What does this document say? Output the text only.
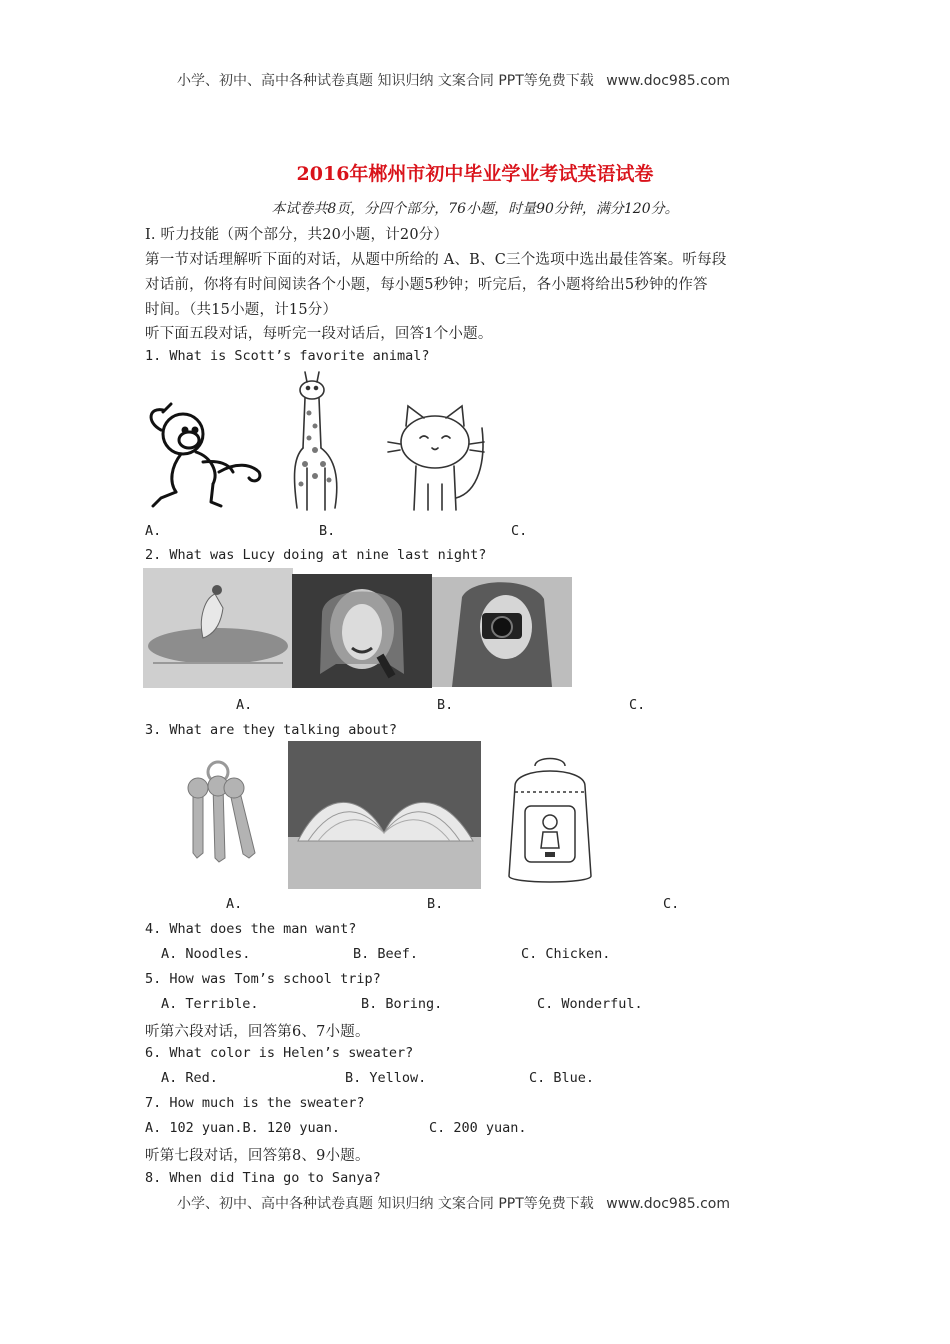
小学、初中、高中各种试卷真题 知识归纳 文案合同 PPT等免费下载 www.doc985.com
2016年郴州市初中毕业学业考试英语试卷
本试卷共8页，分四个部分，76小题，时量90分钟，满分120分。
I. 听力技能（两个部分，共20小题，计20分）
第一节对话理解听下面的对话，从题中所给的 A、B、C三个选项中选出最佳答案。听每段
对话前，你将有时间阅读各个小题，每小题5秒钟；听完后，各小题将给出5秒钟的作答
时间。（共15小题，计15分）
听下面五段对话，每听完一段对话后，回答1个小题。
1. What is Scott’s favorite animal?
A.	B.	C.
2. What was Lucy doing at nine last night?
A.	B.	C.
3. What are they talking about?
A.	B.	C.
4. What does the man want?
A. Noodles.	B. Beef.	C. Chicken.
5. How was Tom’s school trip?
A. Terrible.	B. Boring.	C. Wonderful.
听第六段对话，回答第6、7小题。
6. What color is Helen’s sweater?
A. Red.	B. Yellow.	C. Blue.
7. How much is the sweater?
A. 102 yuan.B. 120 yuan.	C. 200 yuan.
听第七段对话，回答第8、9小题。
8. When did Tina go to Sanya?
小学、初中、高中各种试卷真题 知识归纳 文案合同 PPT等免费下载 www.doc985.com
